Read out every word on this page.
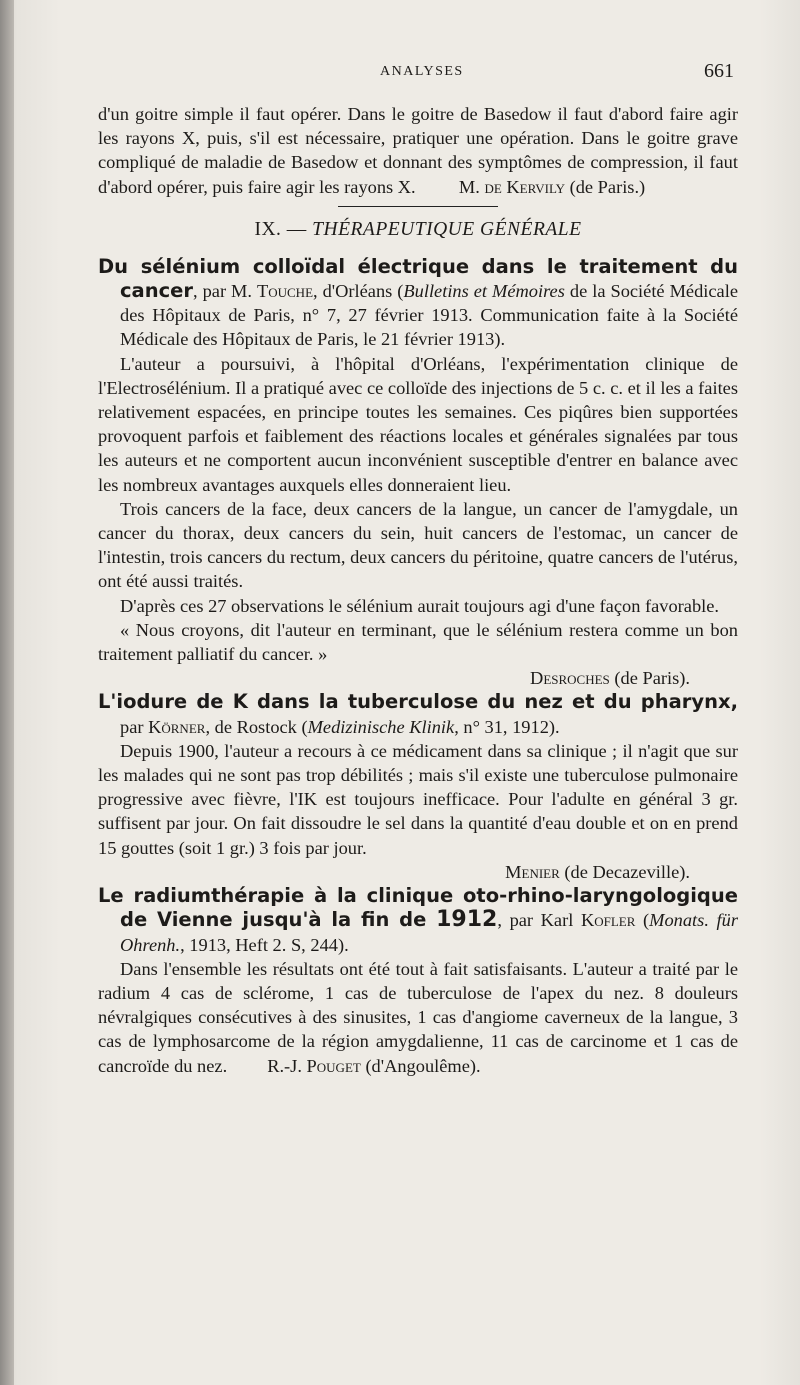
ANALYSES	661

d'un goitre simple il faut opérer. Dans le goitre de Basedow il faut d'abord faire agir les rayons X, puis, s'il est nécessaire, pratiquer une opération. Dans le goitre grave compliqué de maladie de Basedow et donnant des symptômes de compression, il faut d'abord opérer, puis faire agir les rayons X. M. de Kervily (de Paris.)

IX. — THÉRAPEUTIQUE GÉNÉRALE

Du sélénium colloïdal électrique dans le traitement du cancer, par M. Touche, d'Orléans (Bulletins et Mémoires de la Société Médicale des Hôpitaux de Paris, n° 7, 27 février 1913. Communication faite à la Société Médicale des Hôpitaux de Paris, le 21 février 1913).

L'auteur a poursuivi, à l'hôpital d'Orléans, l'expérimentation clinique de l'Electrosélénium. Il a pratiqué avec ce colloïde des injections de 5 c. c. et il les a faites relativement espacées, en principe toutes les semaines. Ces piqûres bien supportées provoquent parfois et faiblement des réactions locales et générales signalées par tous les auteurs et ne comportent aucun inconvénient susceptible d'entrer en balance avec les nombreux avantages auxquels elles donneraient lieu.

Trois cancers de la face, deux cancers de la langue, un cancer de l'amygdale, un cancer du thorax, deux cancers du sein, huit cancers de l'estomac, un cancer de l'intestin, trois cancers du rectum, deux cancers du péritoine, quatre cancers de l'utérus, ont été aussi traités.

D'après ces 27 observations le sélénium aurait toujours agi d'une façon favorable.

« Nous croyons, dit l'auteur en terminant, que le sélénium restera comme un bon traitement palliatif du cancer. »

Desroches (de Paris).

L'iodure de K dans la tuberculose du nez et du pharynx, par Körner, de Rostock (Medizinische Klinik, n° 31, 1912).

Depuis 1900, l'auteur a recours à ce médicament dans sa clinique ; il n'agit que sur les malades qui ne sont pas trop débilités ; mais s'il existe une tuberculose pulmonaire progressive avec fièvre, l'IK est toujours inefficace. Pour l'adulte en général 3 gr. suffisent par jour. On fait dissoudre le sel dans la quantité d'eau double et on en prend 15 gouttes (soit 1 gr.) 3 fois par jour.

Menier (de Decazeville).

Le radiumthérapie à la clinique oto-rhino-laryngologique de Vienne jusqu'à la fin de 1912, par Karl Kofler (Monats. für Ohrenh., 1913, Heft 2. S, 244).

Dans l'ensemble les résultats ont été tout à fait satisfaisants. L'auteur a traité par le radium 4 cas de sclérome, 1 cas de tuberculose de l'apex du nez. 8 douleurs névralgiques consécutives à des sinusites, 1 cas d'angiome caverneux de la langue, 3 cas de lymphosarcome de la région amygdalienne, 11 cas de carcinome et 1 cas de cancroïde du nez. R.-J. Pouget (d'Angoulême).
